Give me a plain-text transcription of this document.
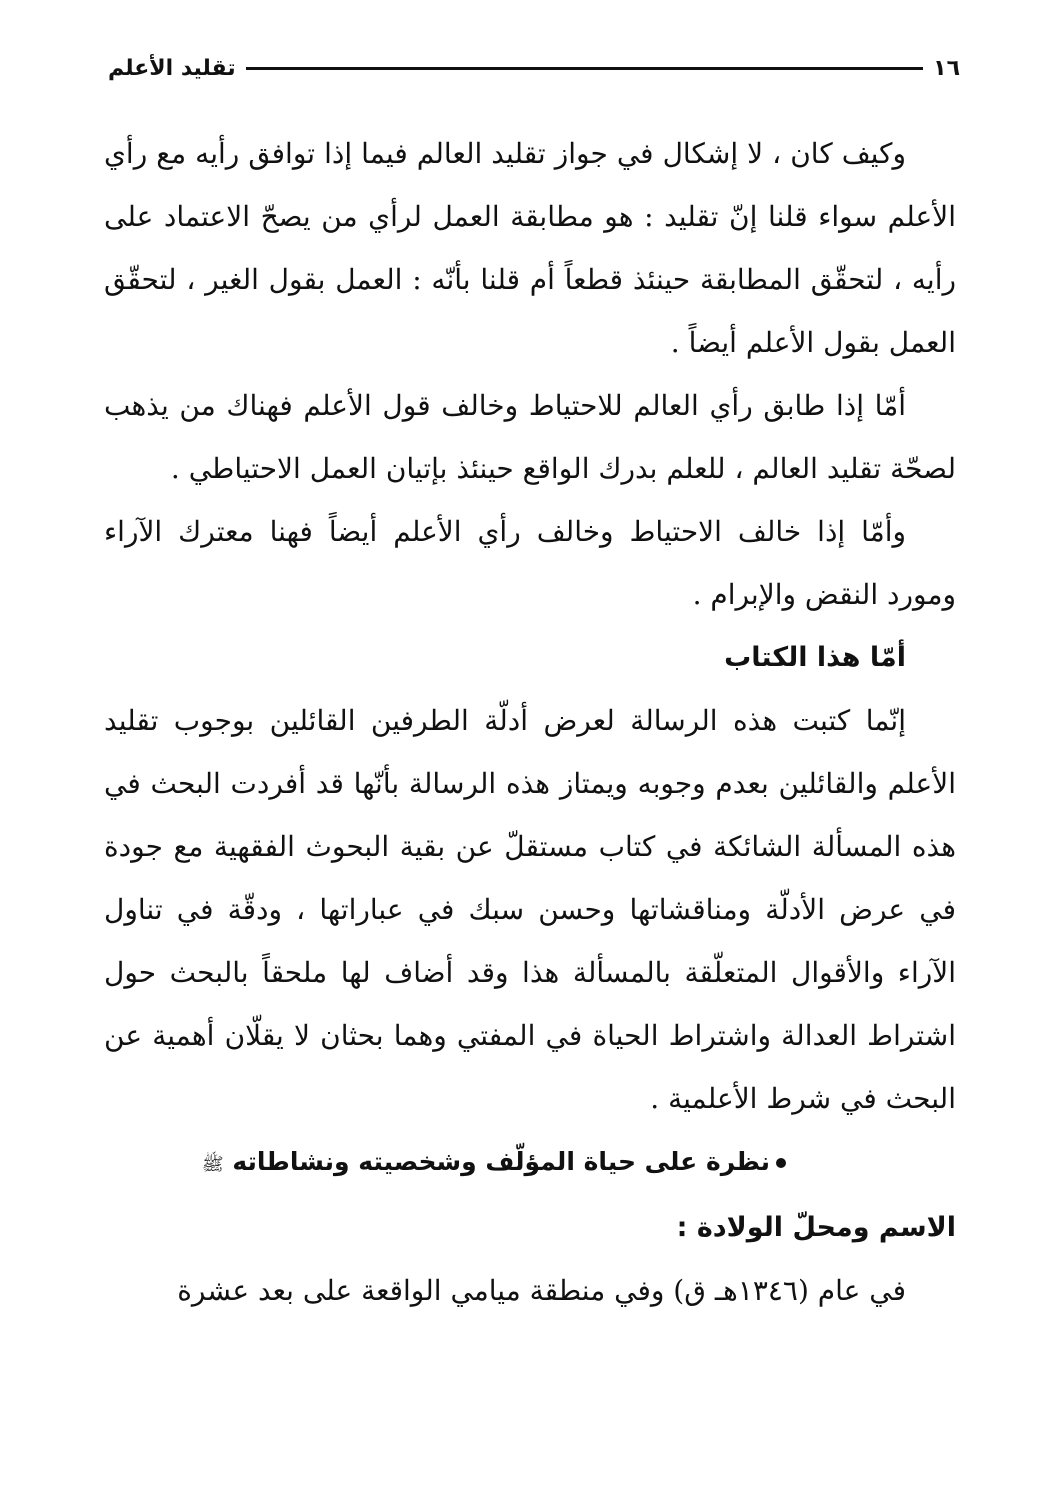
١٦
تقليد الأعلم

وكيف كان ، لا إشكال في جواز تقليد العالم فيما إذا توافق رأيه مع رأي الأعلم سواء قلنا إنّ تقليد : هو مطابقة العمل لرأي من يصحّ الاعتماد على رأيه ، لتحقّق المطابقة حينئذ قطعاً أم قلنا بأنّه : العمل بقول الغير ، لتحقّق العمل بقول الأعلم أيضاً .

أمّا إذا طابق رأي العالم للاحتياط وخالف قول الأعلم فهناك من يذهب لصحّة تقليد العالم ، للعلم بدرك الواقع حينئذ بإتيان العمل الاحتياطي .

وأمّا إذا خالف الاحتياط وخالف رأي الأعلم أيضاً فهنا معترك الآراء ومورد النقض والإبرام .

أمّا هذا الكتاب

إنّما كتبت هذه الرسالة لعرض أدلّة الطرفين القائلين بوجوب تقليد الأعلم والقائلين بعدم وجوبه ويمتاز هذه الرسالة بأنّها قد أفردت البحث في هذه المسألة الشائكة في كتاب مستقلّ عن بقية البحوث الفقهية مع جودة في عرض الأدلّة ومناقشاتها وحسن سبك في عباراتها ، ودقّة في تناول الآراء والأقوال المتعلّقة بالمسألة هذا وقد أضاف لها ملحقاً بالبحث حول اشتراط العدالة واشتراط الحياة في المفتي وهما بحثان لا يقلّان أهمية عن البحث في شرط الأعلمية .

نظرة على حياة المؤلّف وشخصيته ونشاطاته ﷺ

الاسم ومحلّ الولادة :

في عام (١٣٤٦هـ ق) وفي منطقة ميامي الواقعة على بعد عشرة
